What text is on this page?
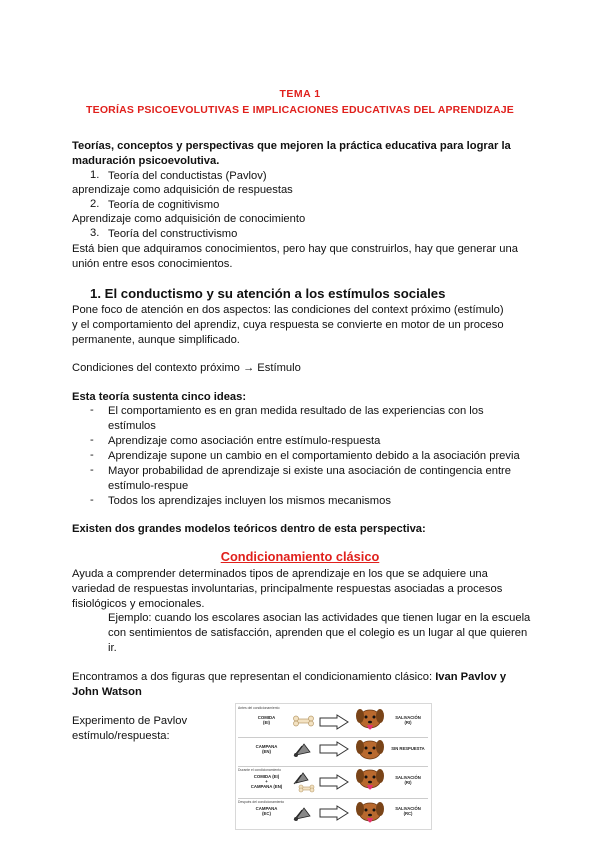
TEMA 1
TEORÍAS PSICOEVOLUTIVAS E IMPLICACIONES EDUCATIVAS DEL APRENDIZAJE
Teorías, conceptos y perspectivas que mejoren la práctica educativa para lograr la
maduración psicoevolutiva.
1. Teoría del conductistas (Pavlov)
aprendizaje como adquisición de respuestas
2. Teoría de cognitivismo
Aprendizaje como adquisición de conocimiento
3. Teoría del constructivismo
Está bien que adquiramos conocimientos, pero hay que construirlos, hay que generar una
unión entre esos conocimientos.
1. El conductismo y su atención a los estímulos sociales
Pone foco de atención en dos aspectos: las condiciones del context próximo (estímulo)
y el comportamiento del aprendiz, cuya respuesta se convierte en motor de un proceso
permanente, aunque simplificado.
Condiciones del contexto próximo → Estímulo
Esta teoría sustenta cinco ideas:
- El comportamiento es en gran medida resultado de las experiencias con los
estímulos
- Aprendizaje como asociación entre estímulo-respuesta
- Aprendizaje supone un cambio en el comportamiento debido a la asociación previa
- Mayor probabilidad de aprendizaje si existe una asociación de contingencia entre
estímulo-respue
- Todos los aprendizajes incluyen los mismos mecanismos
Existen dos grandes modelos teóricos dentro de esta perspectiva:
Condicionamiento clásico
Ayuda a comprender determinados tipos de aprendizaje en los que se adquiere una
variedad de respuestas involuntarias, principalmente respuestas asociadas a procesos
fisiológicos y emocionales.
Ejemplo: cuando los escolares asocian las actividades que tienen lugar en la escuela
con sentimientos de satisfacción, aprenden que el colegio es un lugar al que quieren
ir.
Encontramos a dos figuras que representan el condicionamiento clásico: Ivan Pavlov y
John Watson
Experimento de Pavlov
estímulo/respuesta:
Antes del condicionamiento
COMIDA
(EI)
SALIVACIÓN
(RI)
CAMPANA
(EN)
SIN RESPUESTA
Durante el condicionamiento
COMIDA (EI)
+
CAMPANA (EN)
SALIVACIÓN
(RI)
Después del condicionamiento
CAMPANA
(EC)
SALIVACIÓN
(RC)
